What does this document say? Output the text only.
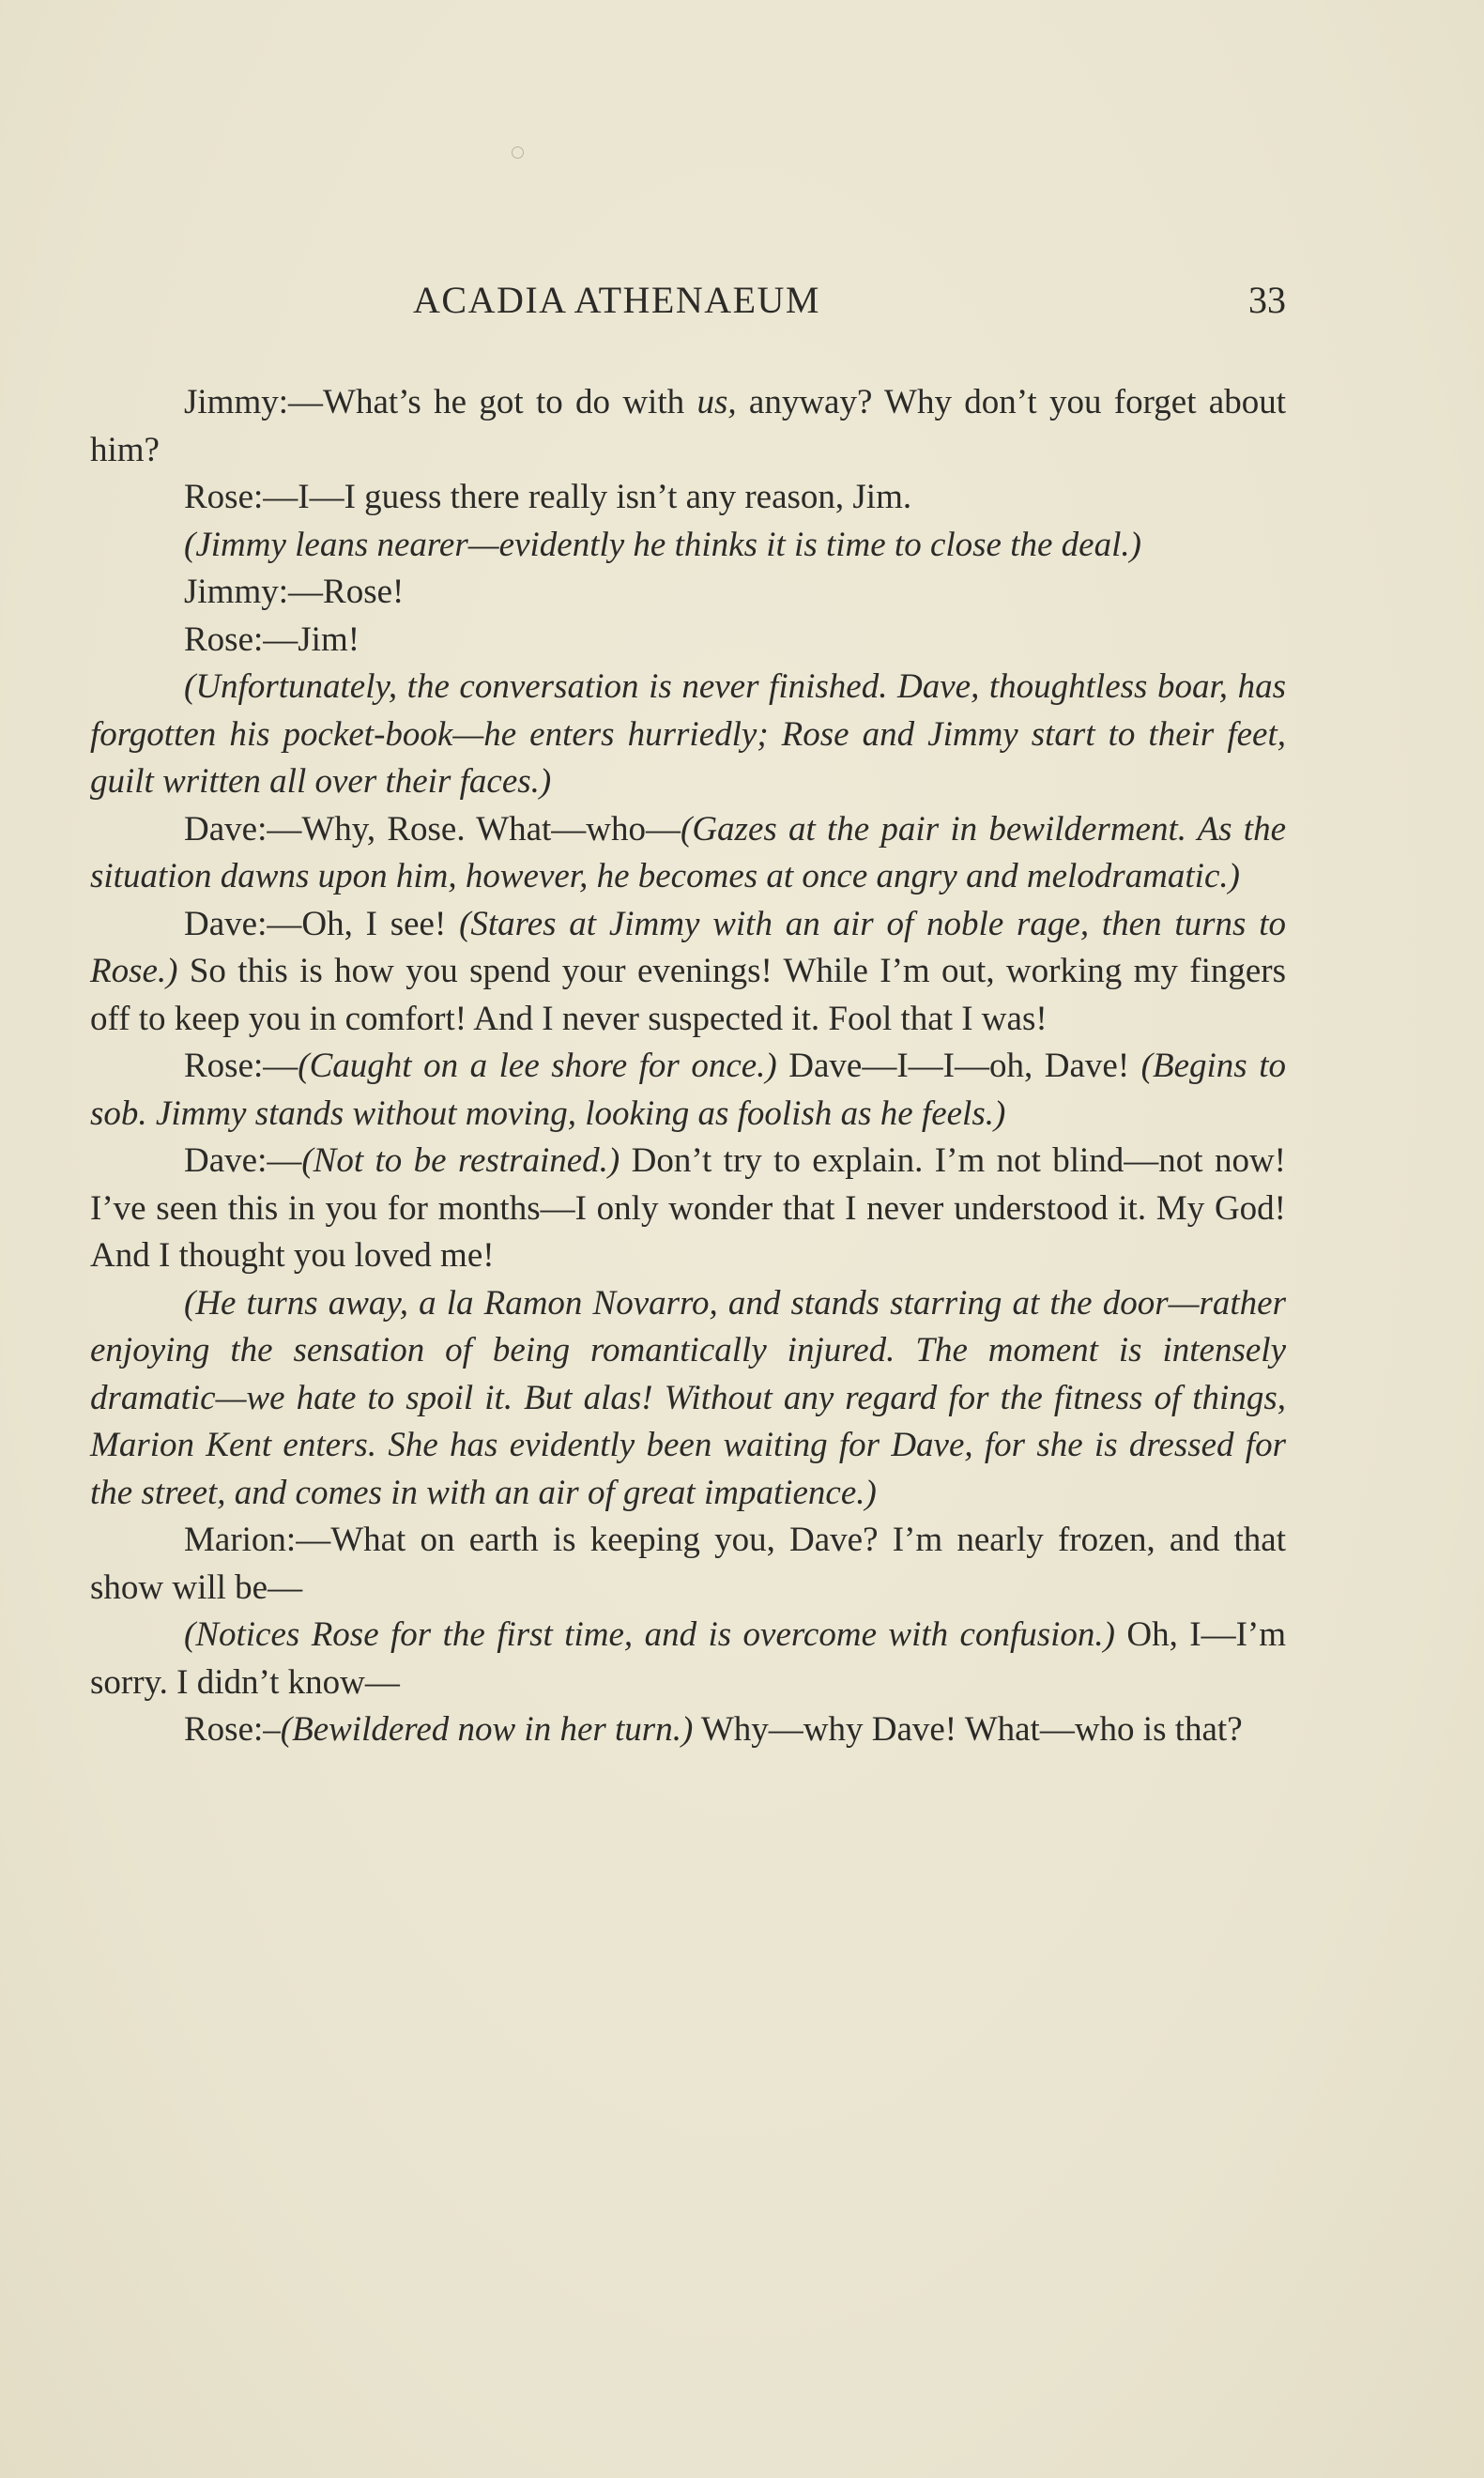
ACADIA ATHENAEUM	33

Jimmy:—What’s he got to do with us, anyway? Why don’t you forget about him?

Rose:—I—I guess there really isn’t any reason, Jim.

(Jimmy leans nearer—evidently he thinks it is time to close the deal.)

Jimmy:—Rose!

Rose:—Jim!

(Unfortunately, the conversation is never finished. Dave, thoughtless boar, has forgotten his pocket-book—he enters hurriedly; Rose and Jimmy start to their feet, guilt written all over their faces.)

Dave:—Why, Rose. What—who—(Gazes at the pair in bewilderment. As the situation dawns upon him, however, he becomes at once angry and melodramatic.)

Dave:—Oh, I see! (Stares at Jimmy with an air of noble rage, then turns to Rose.) So this is how you spend your evenings! While I’m out, working my fingers off to keep you in comfort! And I never suspected it. Fool that I was!

Rose:—(Caught on a lee shore for once.) Dave—I—I—oh, Dave! (Begins to sob. Jimmy stands without moving, looking as foolish as he feels.)

Dave:—(Not to be restrained.) Don’t try to explain. I’m not blind—not now! I’ve seen this in you for months—I only wonder that I never understood it. My God! And I thought you loved me!

(He turns away, a la Ramon Novarro, and stands starring at the door—rather enjoying the sensation of being romantically injured. The moment is intensely dramatic—we hate to spoil it. But alas! Without any regard for the fitness of things, Marion Kent enters. She has evidently been waiting for Dave, for she is dressed for the street, and comes in with an air of great impatience.)

Marion:—What on earth is keeping you, Dave? I’m nearly frozen, and that show will be—

(Notices Rose for the first time, and is overcome with confusion.) Oh, I—I’m sorry. I didn’t know—

Rose:–(Bewildered now in her turn.) Why—why Dave! What—who is that?
